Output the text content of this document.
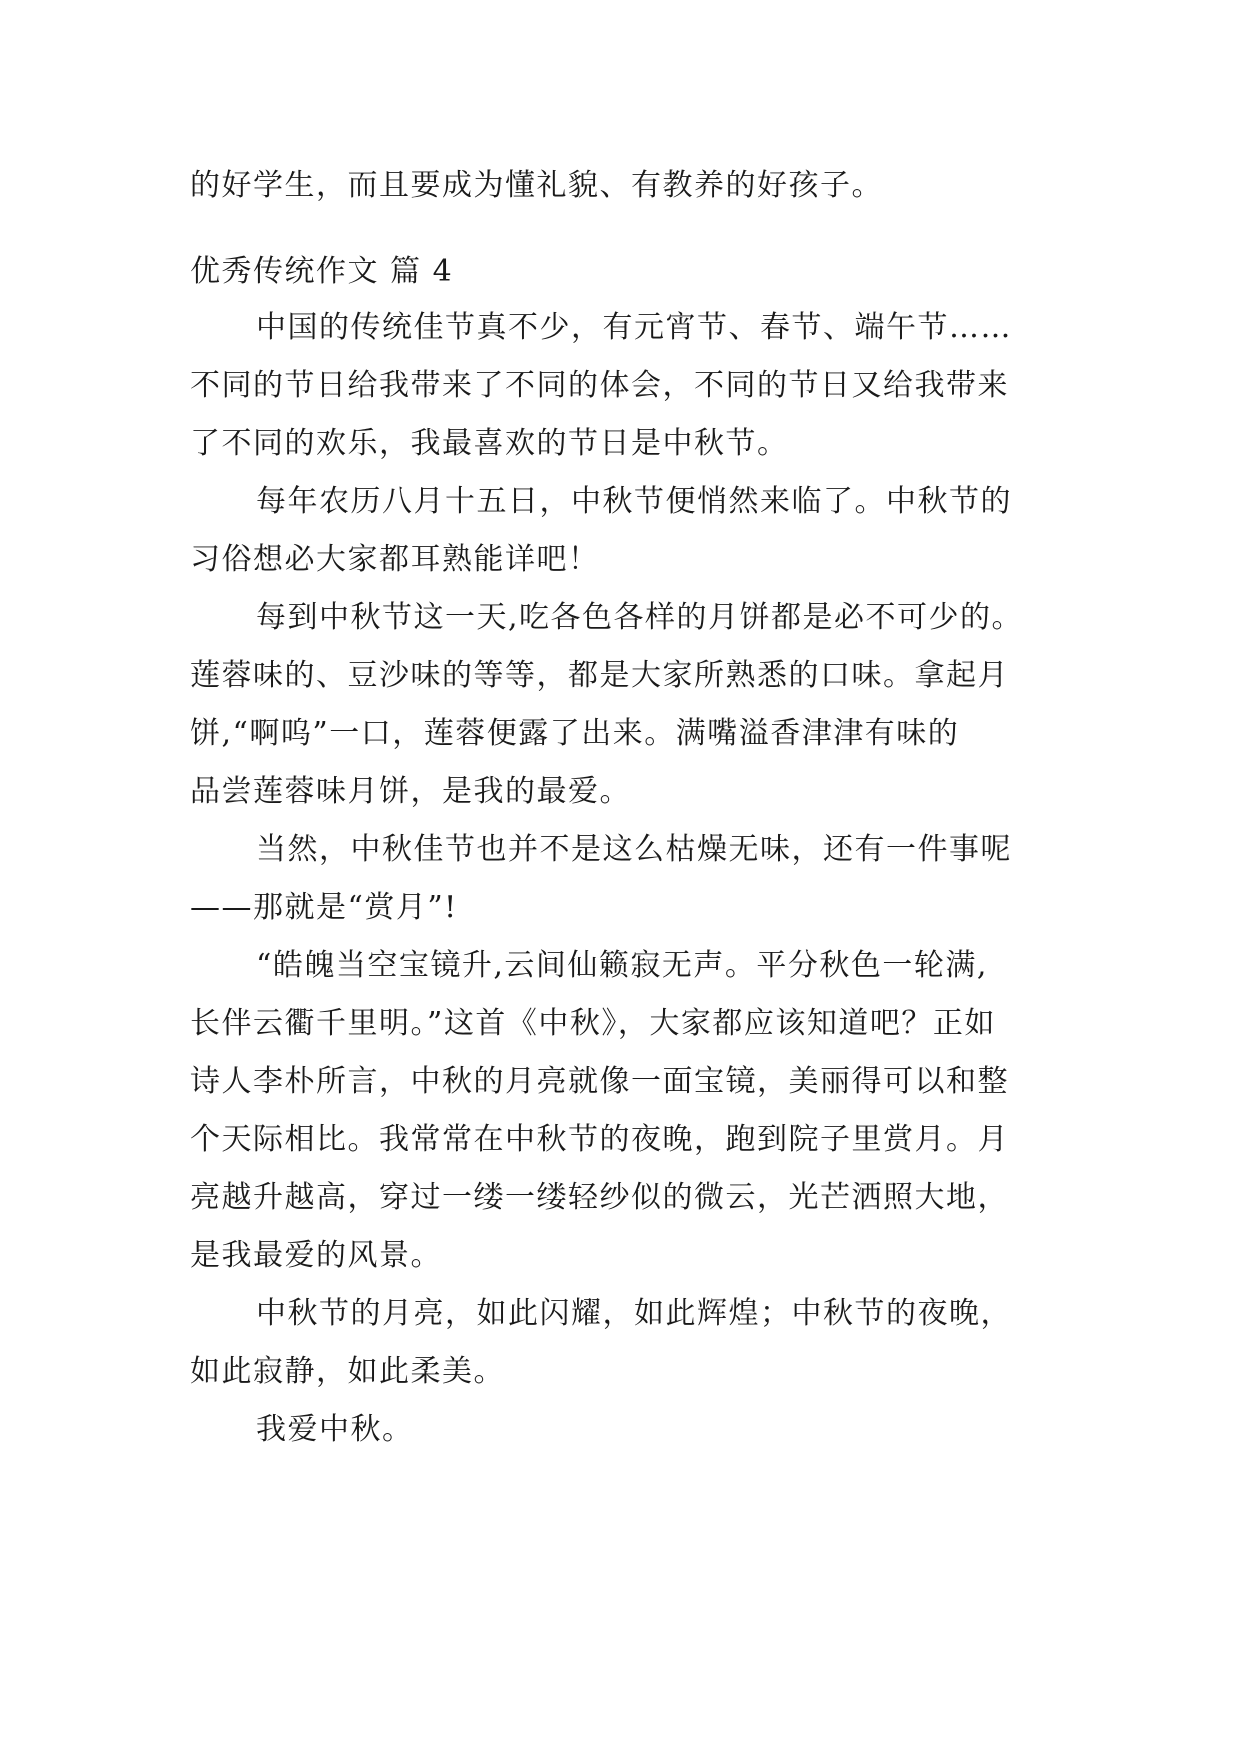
的好学生，而且要成为懂礼貌、有教养的好孩子。
优秀传统作文 篇 4
中国的传统佳节真不少，有元宵节、春节、端午节……
不同的节日给我带来了不同的体会，不同的节日又给我带来
了不同的欢乐，我最喜欢的节日是中秋节。
每年农历八月十五日，中秋节便悄然来临了。中秋节的
习俗想必大家都耳熟能详吧！
每到中秋节这一天,吃各色各样的月饼都是必不可少的。
莲蓉味的、豆沙味的等等，都是大家所熟悉的口味。拿起月
饼,“啊呜”一口，莲蓉便露了出来。满嘴溢香津津有味的
品尝莲蓉味月饼，是我的最爱。
当然，中秋佳节也并不是这么枯燥无味，还有一件事呢
——那就是“赏月”!
“皓魄当空宝镜升,云间仙籁寂无声。平分秋色一轮满,
长伴云衢千里明。”这首《中秋》，大家都应该知道吧？正如
诗人李朴所言，中秋的月亮就像一面宝镜，美丽得可以和整
个天际相比。我常常在中秋节的夜晚，跑到院子里赏月。月
亮越升越高，穿过一缕一缕轻纱似的微云，光芒洒照大地，
是我最爱的风景。
中秋节的月亮，如此闪耀，如此辉煌；中秋节的夜晚，
如此寂静，如此柔美。
我爱中秋。
